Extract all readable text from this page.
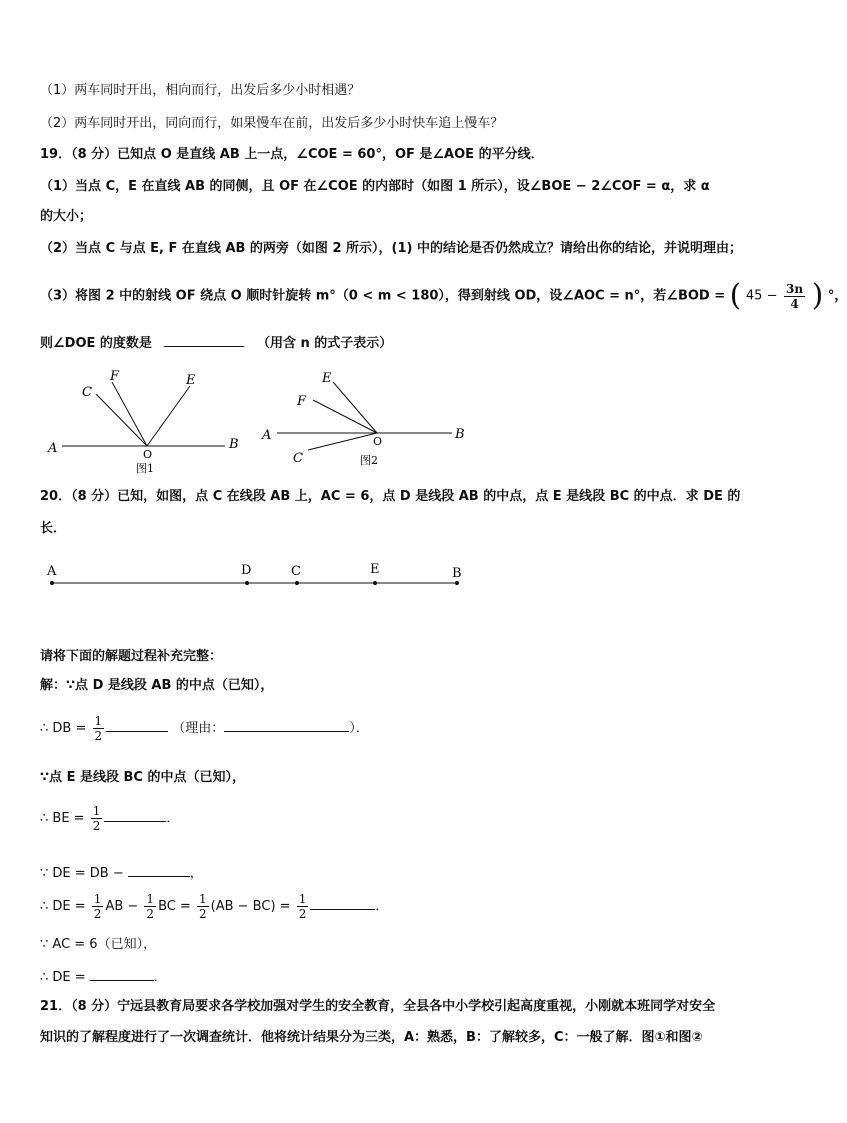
（1）两车同时开出，相向而行，出发后多少小时相遇？
（2）两车同时开出，同向而行，如果慢车在前，出发后多少小时快车追上慢车？
19．（8 分）已知点 O 是直线 AB 上一点，∠COE = 60°，OF 是∠AOE 的平分线．
（1）当点 C，E 在直线 AB 的同侧，且 OF 在∠COE 的内部时（如图 1 所示），设∠BOE − 2∠COF = α，求 α
的大小；
（2）当点 C 与点 E, F 在直线 AB 的两旁（如图 2 所示），(1) 中的结论是否仍然成立？请给出你的结论，并说明理由；
（3）将图 2 中的射线 OF 绕点 O 顺时针旋转 m°（0 < m < 180），得到射线 OD，设∠AOC = n°，若∠BOD = ( $45 - \frac{3n}{4}$ ) °，
则∠DOE 的度数是	（用含 n 的式子表示）
A	B
C
F	E
O
图1
A	B
E
F
C
O
图2
20．（8 分）已知，如图，点 C 在线段 AB 上，AC = 6，点 D 是线段 AB 的中点，点 E 是线段 BC 的中点．求 DE 的
长．
A	D	C	E	B
请将下面的解题过程补充完整：
解：∵点 D 是线段 AB 的中点（已知），
∴ DB = $\frac{1}{2}$	（理由：	）．
∵点 E 是线段 BC 的中点（已知），
∴ BE = $\frac{1}{2}$	．
∵ DE = DB −	，
∴ DE = $\frac{1}{2}$ AB − $\frac{1}{2}$ BC = $\frac{1}{2} (AB - BC) = \frac{1}{2}$	．
∵ AC = 6（已知），
∴ DE =	．
21．（8 分）宁远县教育局要求各学校加强对学生的安全教育，全县各中小学校引起高度重视，小刚就本班同学对安全
知识的了解程度进行了一次调查统计．他将统计结果分为三类，A：熟悉，B：了解较多，C：一般了解．图①和图②
